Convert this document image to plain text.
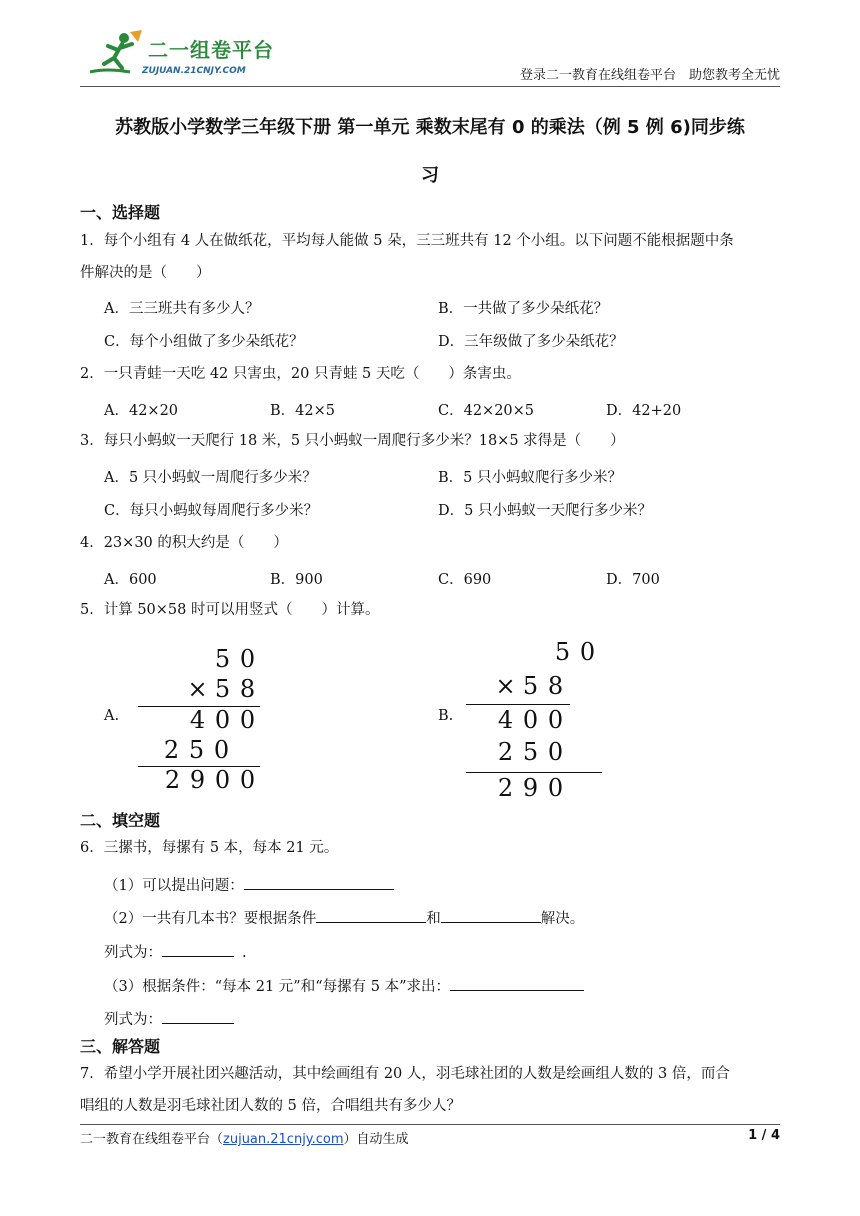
二一组卷平台
ZUJUAN.21CNJY.COM	登录二一教育在线组卷平台　助您教考全无忧
苏教版小学数学三年级下册 第一单元 乘数末尾有 0 的乘法（例 5 例 6)同步练
习
一、选择题
1．每个小组有 4 人在做纸花，平均每人能做 5 朵，三三班共有 12 个小组。以下问题不能根据题中条
件解决的是（　　）
A．三三班共有多少人？	B．一共做了多少朵纸花？
C．每个小组做了多少朵纸花？	D．三年级做了多少朵纸花？
2．一只青蛙一天吃 42 只害虫，20 只青蛙 5 天吃（　　）条害虫。
A．42×20	B．42×5	C．42×20×5	D．42+20
3．每只小蚂蚁一天爬行 18 米，5 只小蚂蚁一周爬行多少米？18×5 求得是（　　）
A．5 只小蚂蚁一周爬行多少米？	B．5 只小蚂蚁爬行多少米？
C．每只小蚂蚁每周爬行多少米？	D．5 只小蚂蚁一天爬行多少米？
4．23×30 的积大约是（　　）
A．600	B．900	C．690	D．700
5．计算 50×58 时可以用竖式（　　）计算。
A.
5 0
× 5 8
4 0 0
2 5 0
2 9 0 0
B.
5 0
× 5 8
4 0 0
2 5 0
2 9 0
二、填空题
6．三摞书，每摞有 5 本，每本 21 元。
（1）可以提出问题：
（2）一共有几本书？要根据条件	和	解决。
列式为：	.
（3）根据条件：“每本 21 元”和“每摞有 5 本”求出：
列式为：
三、解答题
7．希望小学开展社团兴趣活动，其中绘画组有 20 人，羽毛球社团的人数是绘画组人数的 3 倍，而合
唱组的人数是羽毛球社团人数的 5 倍，合唱组共有多少人？
二一教育在线组卷平台（zujuan.21cnjy.com）自动生成	1 / 4
